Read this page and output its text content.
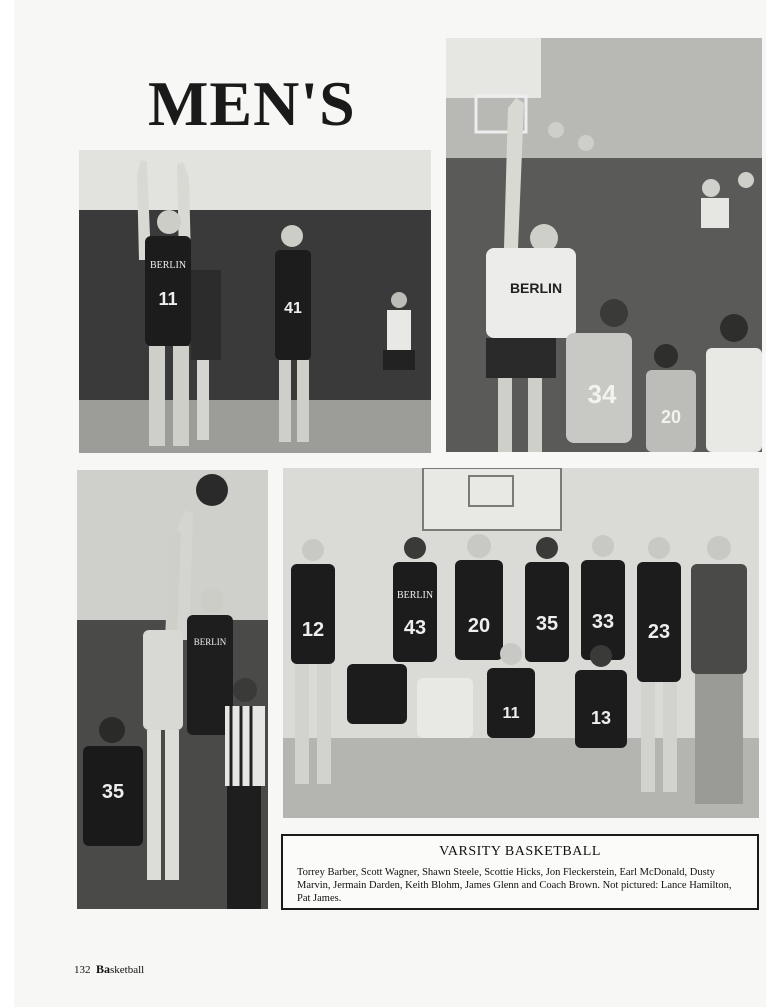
MEN'S
11
BERLIN
41
BERLIN
34
20
BERLIN
35
12	43
BERLIN
20 35 33 23
11	13
VARSITY BASKETBALL
Torrey Barber, Scott Wagner, Shawn Steele, Scottie Hicks, Jon Fleckerstein, Earl McDonald, Dusty Marvin, Jermain Darden, Keith Blohm, James Glenn and Coach Brown. Not pictured: Lance Hamilton, Pat James.
132 Basketball
